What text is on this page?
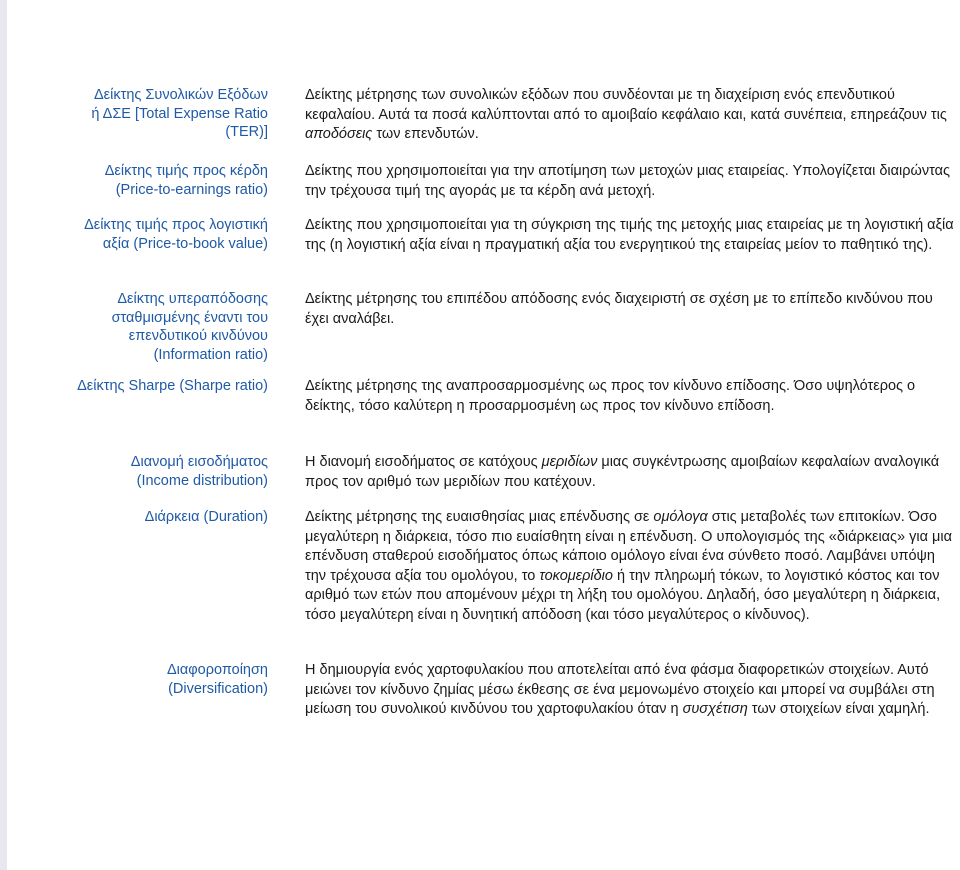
Δείκτης Συνολικών Εξόδων
ή ΔΣΕ [Total Expense Ratio
(TER)]
Δείκτης μέτρησης των συνολικών εξόδων που συνδέονται με τη διαχείριση ενός επενδυτικού κεφαλαίου. Αυτά τα ποσά καλύπτονται από το αμοιβαίο κεφάλαιο και, κατά συνέπεια, επηρεάζουν τις αποδόσεις των επενδυτών.
Δείκτης τιμής προς κέρδη
(Price-to-earnings ratio)
Δείκτης που χρησιμοποιείται για την αποτίμηση των μετοχών μιας εταιρείας. Υπολογίζεται διαιρώντας την τρέχουσα τιμή της αγοράς με τα κέρδη ανά μετοχή.
Δείκτης τιμής προς λογιστική
αξία (Price-to-book value)
Δείκτης που χρησιμοποιείται για τη σύγκριση της τιμής της μετοχής μιας εταιρείας με τη λογιστική αξία της (η λογιστική αξία είναι η πραγματική αξία του ενεργητικού της εταιρείας μείον το παθητικό της).
Δείκτης υπεραπόδοσης
σταθμισμένης έναντι του
επενδυτικού κινδύνου
(Information ratio)
Δείκτης μέτρησης του επιπέδου απόδοσης ενός διαχειριστή σε σχέση με το επίπεδο κινδύνου που έχει αναλάβει.
Δείκτης Sharpe (Sharpe ratio)	Δείκτης μέτρησης της αναπροσαρμοσμένης ως προς τον κίνδυνο επίδοσης. Όσο υψηλότερος ο δείκτης, τόσο καλύτερη η προσαρμοσμένη ως προς τον κίνδυνο επίδοση.
Διανομή εισοδήματος
(Income distribution)
Η διανομή εισοδήματος σε κατόχους μεριδίων μιας συγκέντρωσης αμοιβαίων κεφαλαίων αναλογικά προς τον αριθμό των μεριδίων που κατέχουν.
Διάρκεια (Duration)	Δείκτης μέτρησης της ευαισθησίας μιας επένδυσης σε ομόλογα στις μεταβολές των επιτοκίων. Όσο μεγαλύτερη η διάρκεια, τόσο πιο ευαίσθητη είναι η επένδυση. Ο υπολογισμός της «διάρκειας» για μια επένδυση σταθερού εισοδήματος όπως κάποιο ομόλογο είναι ένα σύνθετο ποσό. Λαμβάνει υπόψη την τρέχουσα αξία του ομολόγου, το τοκομερίδιο ή την πληρωμή τόκων, το λογιστικό κόστος και τον αριθμό των ετών που απομένουν μέχρι τη λήξη του ομολόγου. Δηλαδή, όσο μεγαλύτερη η διάρκεια, τόσο μεγαλύτερη είναι η δυνητική απόδοση (και τόσο μεγαλύτερος ο κίνδυνος).
Διαφοροποίηση
(Diversification)
Η δημιουργία ενός χαρτοφυλακίου που αποτελείται από ένα φάσμα διαφορετικών στοιχείων. Αυτό μειώνει τον κίνδυνο ζημίας μέσω έκθεσης σε ένα μεμονωμένο στοιχείο και μπορεί να συμβάλει στη μείωση του συνολικού κινδύνου του χαρτοφυλακίου όταν η συσχέτιση των στοιχείων είναι χαμηλή.
